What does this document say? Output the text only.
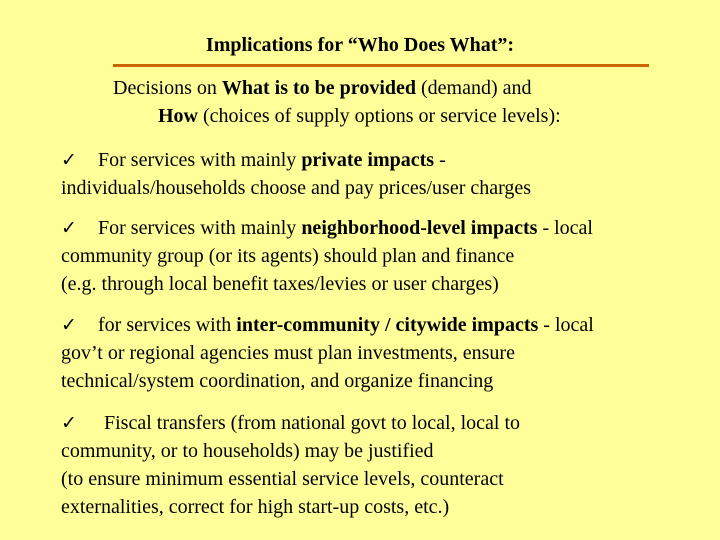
Implications for “Who Does What”:
Decisions on What is to be provided (demand) and
How (choices of supply options or service levels):
✓ For services with mainly private impacts -
individuals/households choose and pay prices/user charges
✓ For services with mainly neighborhood-level impacts - local
community group (or its agents) should plan and finance
(e.g. through local benefit taxes/levies or user charges)
✓ for services with inter-community / citywide impacts - local
gov’t or regional agencies must plan investments, ensure
technical/system coordination, and organize financing
✓ Fiscal transfers (from national govt to local, local to
community, or to households) may be justified
(to ensure minimum essential service levels, counteract
externalities, correct for high start-up costs, etc.)
